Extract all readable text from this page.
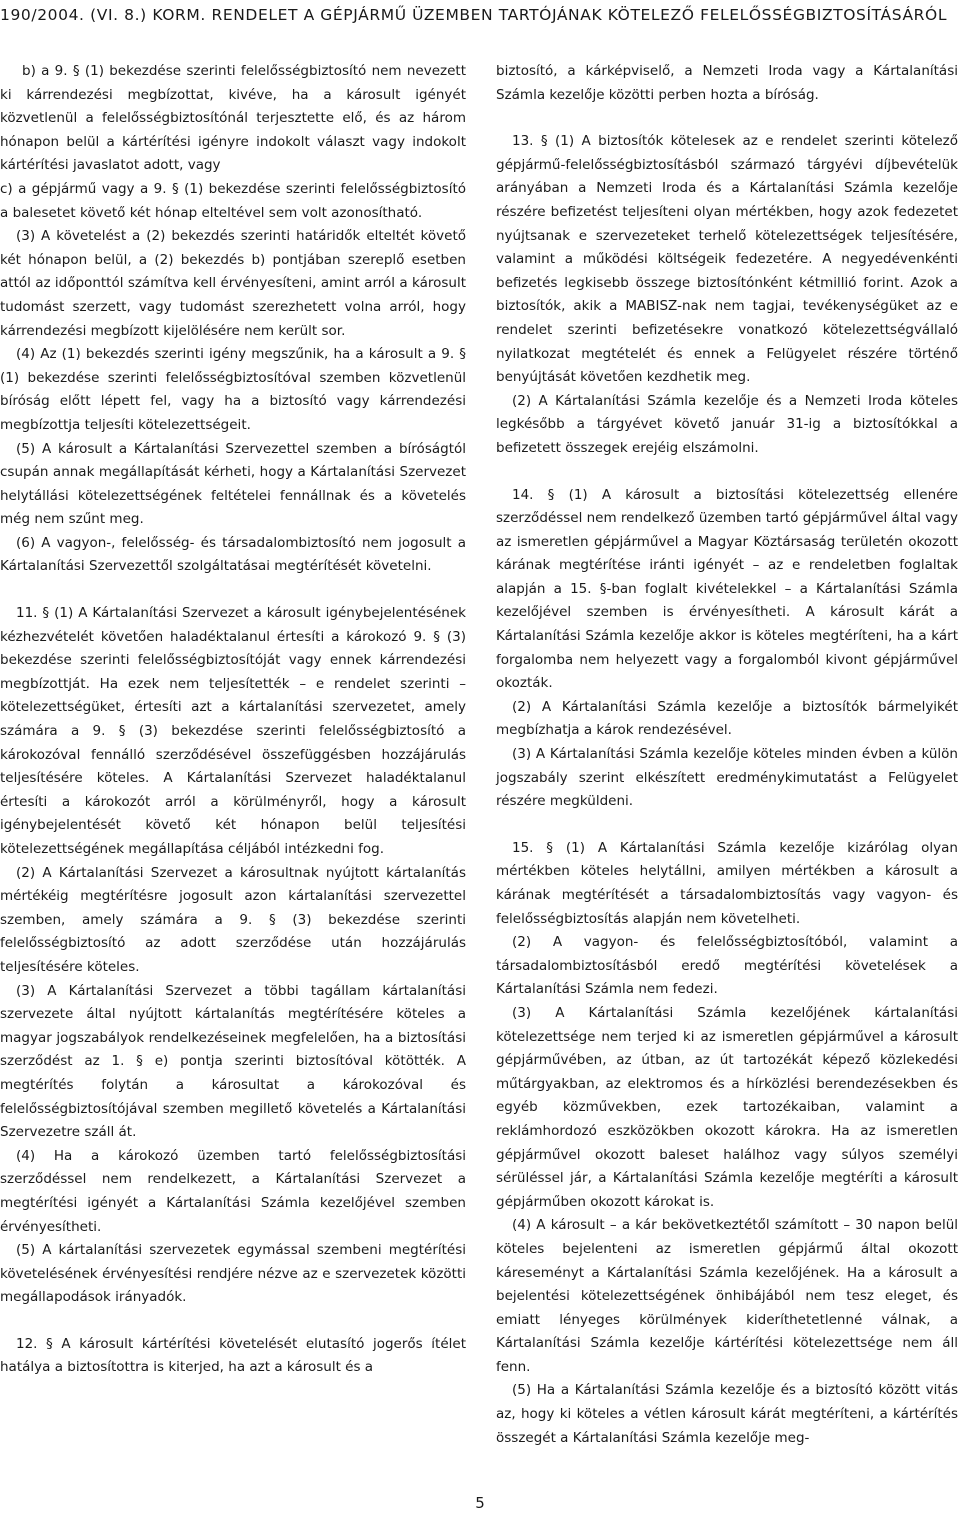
190/2004. (VI. 8.) KORM. RENDELET A GÉPJÁRMŰ ÜZEMBEN TARTÓJÁNAK KÖTELEZŐ FELELŐSSÉGBIZTOSÍTÁSÁRÓL

b) a 9. § (1) bekezdése szerinti felelősségbiztosító nem nevezett ki kárrendezési megbízottat, kivéve, ha a károsult igényét közvetlenül a felelősségbiztosítónál terjesztette elő, és az három hónapon belül a kártérítési igényre indokolt választ vagy indokolt kártérítési javaslatot adott, vagy

c) a gépjármű vagy a 9. § (1) bekezdése szerinti felelősségbiztosító a balesetet követő két hónap elteltével sem volt azonosítható.

(3) A követelést a (2) bekezdés szerinti határidők elteltét követő két hónapon belül, a (2) bekezdés b) pontjában szereplő esetben attól az időponttól számítva kell érvényesíteni, amint arról a károsult tudomást szerzett, vagy tudomást szerezhetett volna arról, hogy kárrendezési megbízott kijelölésére nem került sor.

(4) Az (1) bekezdés szerinti igény megszűnik, ha a károsult a 9. § (1) bekezdése szerinti felelősségbiztosítóval szemben közvetlenül bíróság előtt lépett fel, vagy ha a biztosító vagy kárrendezési megbízottja teljesíti kötelezettségeit.

(5) A károsult a Kártalanítási Szervezettel szemben a bíróságtól csupán annak megállapítását kérheti, hogy a Kártalanítási Szervezet helytállási kötelezettségének feltételei fennállnak és a követelés még nem szűnt meg.

(6) A vagyon-, felelősség- és társadalombiztosító nem jogosult a Kártalanítási Szervezettől szolgáltatásai megtérítését követelni.

11. § (1) A Kártalanítási Szervezet a károsult igénybejelentésének kézhezvételét követően haladéktalanul értesíti a károkozó 9. § (3) bekezdése szerinti felelősségbiztosítóját vagy ennek kárrendezési megbízottját. Ha ezek nem teljesítették – e rendelet szerinti – kötelezettségüket, értesíti azt a kártalanítási szervezetet, amely számára a 9. § (3) bekezdése szerinti felelősségbiztosító a károkozóval fennálló szerződésével összefüggésben hozzájárulás teljesítésére köteles. A Kártalanítási Szervezet haladéktalanul értesíti a károkozót arról a körülményről, hogy a károsult igénybejelentését követő két hónapon belül teljesítési kötelezettségének megállapítása céljából intézkedni fog.

(2) A Kártalanítási Szervezet a károsultnak nyújtott kártalanítás mértékéig megtérítésre jogosult azon kártalanítási szervezettel szemben, amely számára a 9. § (3) bekezdése szerinti felelősségbiztosító az adott szerződése után hozzájárulás teljesítésére köteles.

(3) A Kártalanítási Szervezet a többi tagállam kártalanítási szervezete által nyújtott kártalanítás megtérítésére köteles a magyar jogszabályok rendelkezéseinek megfelelően, ha a biztosítási szerződést az 1. § e) pontja szerinti biztosítóval kötötték. A megtérítés folytán a károsultat a károkozóval és felelősségbiztosítójával szemben megillető követelés a Kártalanítási Szervezetre száll át.

(4) Ha a károkozó üzemben tartó felelősségbiztosítási szerződéssel nem rendelkezett, a Kártalanítási Szervezet a megtérítési igényét a Kártalanítási Számla kezelőjével szemben érvényesítheti.

(5) A kártalanítási szervezetek egymással szembeni megtérítési követelésének érvényesítési rendjére nézve az e szervezetek közötti megállapodások irányadók.

12. § A károsult kártérítési követelését elutasító jogerős ítélet hatálya a biztosítottra is kiterjed, ha azt a károsult és a

biztosító, a kárképviselő, a Nemzeti Iroda vagy a Kártalanítási Számla kezelője közötti perben hozta a bíróság.

13. § (1) A biztosítók kötelesek az e rendelet szerinti kötelező gépjármű-felelősségbiztosításból származó tárgyévi díjbevételük arányában a Nemzeti Iroda és a Kártalanítási Számla kezelője részére befizetést teljesíteni olyan mértékben, hogy azok fedezetet nyújtsanak e szervezeteket terhelő kötelezettségek teljesítésére, valamint a működési költségeik fedezetére. A negyedévenkénti befizetés legkisebb összege biztosítónként kétmillió forint. Azok a biztosítók, akik a MABISZ-nak nem tagjai, tevékenységüket az e rendelet szerinti befizetésekre vonatkozó kötelezettségvállaló nyilatkozat megtételét és ennek a Felügyelet részére történő benyújtását követően kezdhetik meg.

(2) A Kártalanítási Számla kezelője és a Nemzeti Iroda köteles legkésőbb a tárgyévet követő január 31-ig a biztosítókkal a befizetett összegek erejéig elszámolni.

14. § (1) A károsult a biztosítási kötelezettség ellenére szerződéssel nem rendelkező üzemben tartó gépjárművel által vagy az ismeretlen gépjárművel a Magyar Köztársaság területén okozott kárának megtérítése iránti igényét – az e rendeletben foglaltak alapján a 15. §-ban foglalt kivételekkel – a Kártalanítási Számla kezelőjével szemben is érvényesítheti. A károsult kárát a Kártalanítási Számla kezelője akkor is köteles megtéríteni, ha a kárt forgalomba nem helyezett vagy a forgalomból kivont gépjárművel okozták.

(2) A Kártalanítási Számla kezelője a biztosítók bármelyikét megbízhatja a károk rendezésével.

(3) A Kártalanítási Számla kezelője köteles minden évben a külön jogszabály szerint elkészített eredménykimutatást a Felügyelet részére megküldeni.

15. § (1) A Kártalanítási Számla kezelője kizárólag olyan mértékben köteles helytállni, amilyen mértékben a károsult a kárának megtérítését a társadalombiztosítás vagy vagyon- és felelősségbiztosítás alapján nem követelheti.

(2) A vagyon- és felelősségbiztosítóból, valamint a társadalombiztosításból eredő megtérítési követelések a Kártalanítási Számla nem fedezi.

(3) A Kártalanítási Számla kezelőjének kártalanítási kötelezettsége nem terjed ki az ismeretlen gépjárművel a károsult gépjárművében, az útban, az út tartozékát képező közlekedési műtárgyakban, az elektromos és a hírközlési berendezésekben és egyéb közművekben, ezek tartozékaiban, valamint a reklámhordozó eszközökben okozott károkra. Ha az ismeretlen gépjárművel okozott baleset halálhoz vagy súlyos személyi sérüléssel jár, a Kártalanítási Számla kezelője megtéríti a károsult gépjárműben okozott károkat is.

(4) A károsult – a kár bekövetkeztétől számított – 30 napon belül köteles bejelenteni az ismeretlen gépjármű által okozott káreseményt a Kártalanítási Számla kezelőjének. Ha a károsult a bejelentési kötelezettségének önhibájából nem tesz eleget, és emiatt lényeges körülmények kideríthetetlenné válnak, a Kártalanítási Számla kezelője kártérítési kötelezettsége nem áll fenn.

(5) Ha a Kártalanítási Számla kezelője és a biztosító között vitás az, hogy ki köteles a vétlen károsult kárát megtéríteni, a kártérítés összegét a Kártalanítási Számla kezelője meg-

5
